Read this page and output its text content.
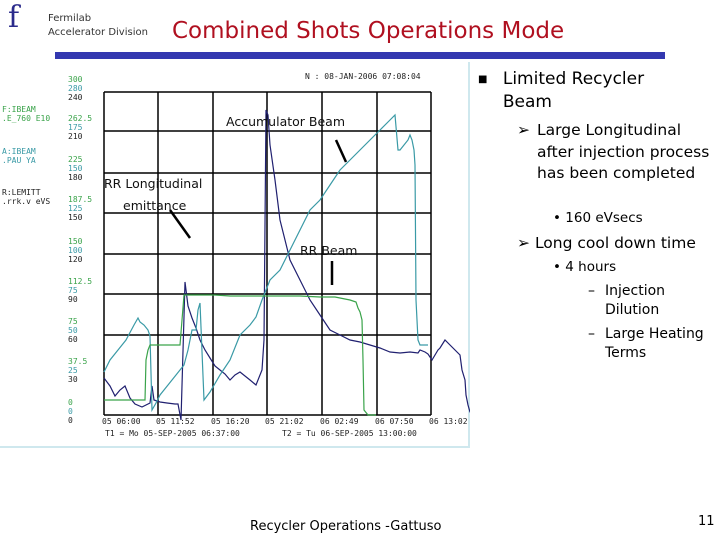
f	Fermilab
Accelerator Division Combined Shots Operations Mode
N : 08-JAN-2006 07:08:04
F:IBEAM
.E_760 E10
A:IBEAM
.PAU YA
R:LEMITT
.rrk.v eVS
300
280
240
262.5
175
210
225
150
180
187.5
125
150
150
100
120
112.5
75
90
75
50
60
37.5
25
30
0
0
0
Accumulator Beam
RR Longitudinal
emittance
RR Beam
05 06:00 05 11:52 05 16:20 05 21:02 06 02:49 06 07:50 06 13:02
T1 = Mo 05-SEP-2005 06:37:00	T2 = Tu 06-SEP-2005 13:00:00
■ Limited Recycler Beam
➢ Large Longitudinal after injection process has been completed
• 160 eVsecs
➢ Long cool down time
• 4 hours
– Injection Dilution
– Large Heating Terms
Recycler Operations -Gattuso	11
